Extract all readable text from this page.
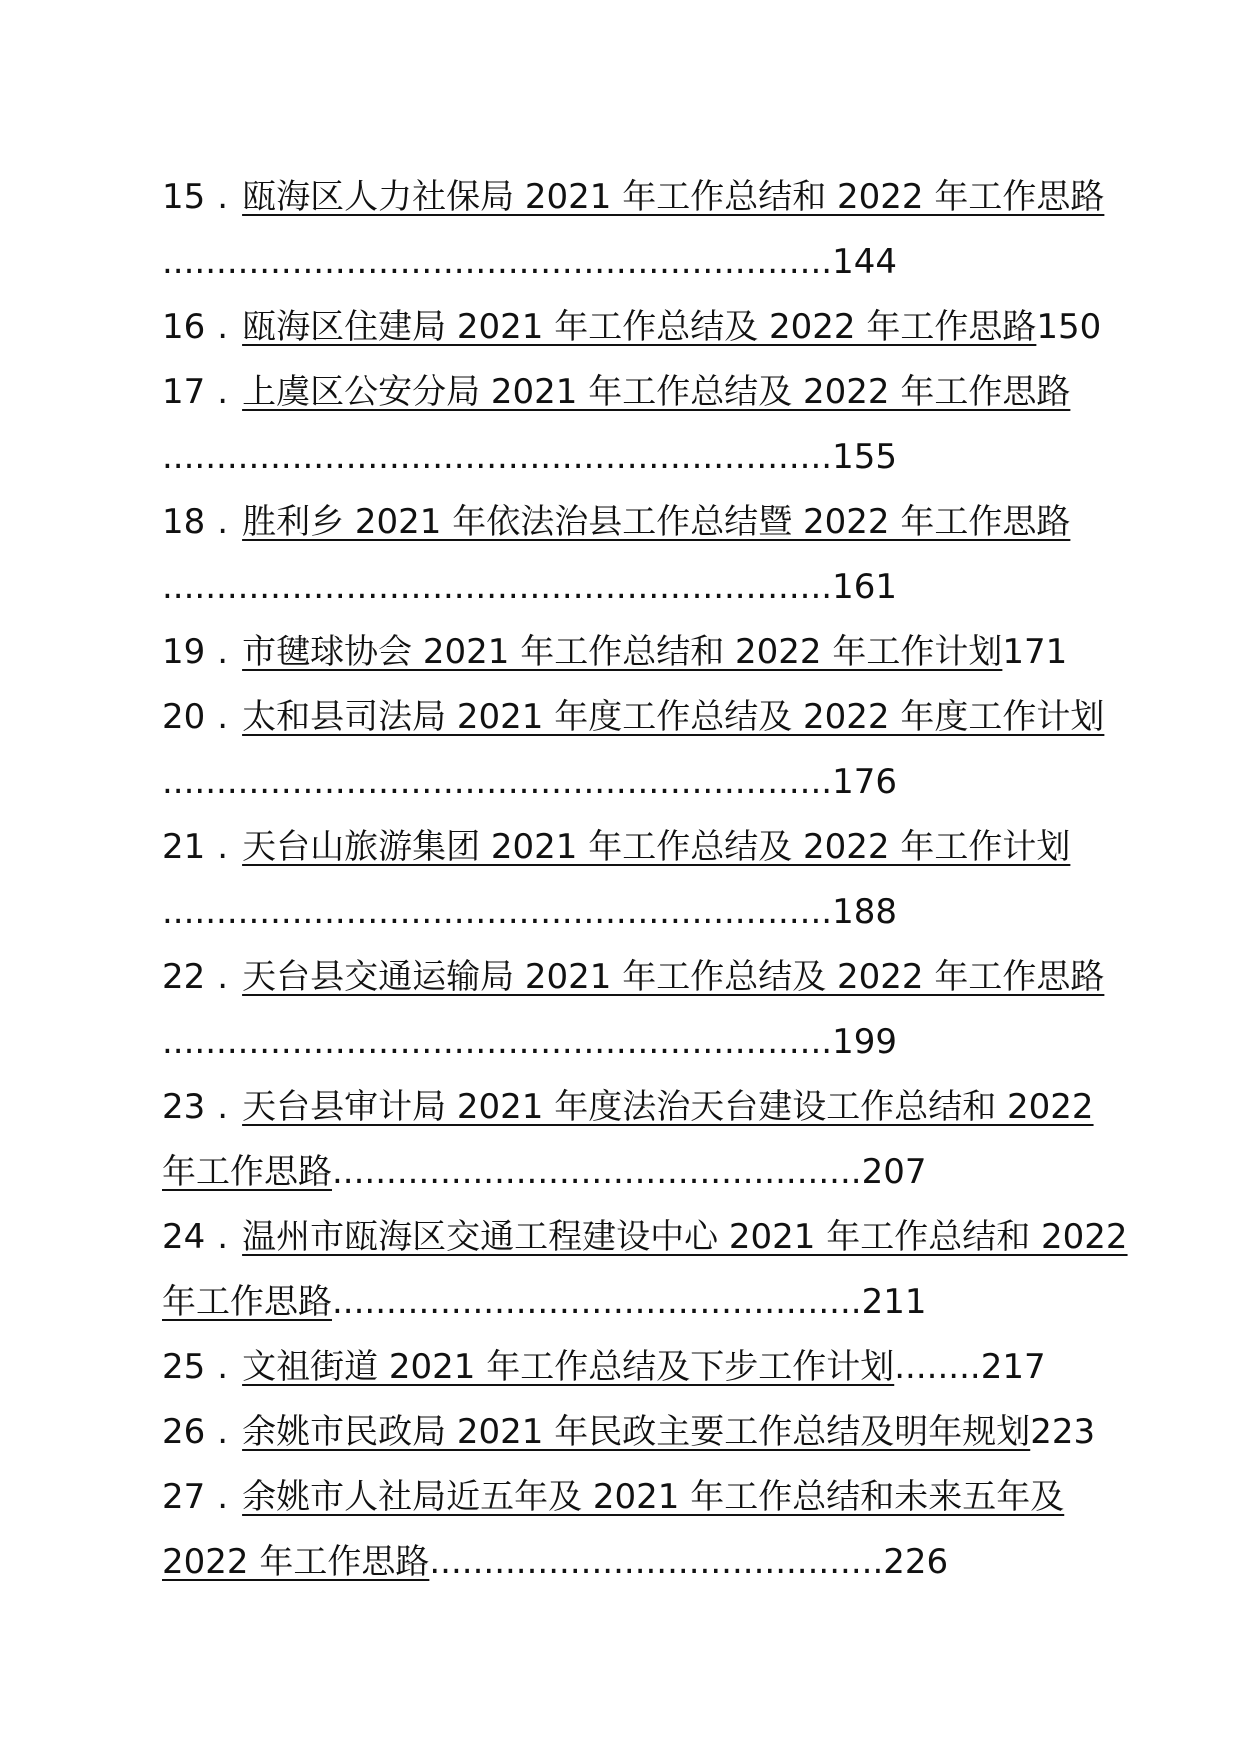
15 . 瓯海区人力社保局 2021 年工作总结和 2022 年工作思路
..............................................................144
16 . 瓯海区住建局 2021 年工作总结及 2022 年工作思路150
17 . 上虞区公安分局 2021 年工作总结及 2022 年工作思路
..............................................................155
18 . 胜利乡 2021 年依法治县工作总结暨 2022 年工作思路
..............................................................161
19 . 市毽球协会 2021 年工作总结和 2022 年工作计划171
20 . 太和县司法局 2021 年度工作总结及 2022 年度工作计划
..............................................................176
21 . 天台山旅游集团 2021 年工作总结及 2022 年工作计划
..............................................................188
22 . 天台县交通运输局 2021 年工作总结及 2022 年工作思路
..............................................................199
23 . 天台县审计局 2021 年度法治天台建设工作总结和 2022
年工作思路.................................................207
24 . 温州市瓯海区交通工程建设中心 2021 年工作总结和 2022
年工作思路.................................................211
25 . 文祖街道 2021 年工作总结及下步工作计划........217
26 . 余姚市民政局 2021 年民政主要工作总结及明年规划223
27 . 余姚市人社局近五年及 2021 年工作总结和未来五年及
2022 年工作思路..........................................226
